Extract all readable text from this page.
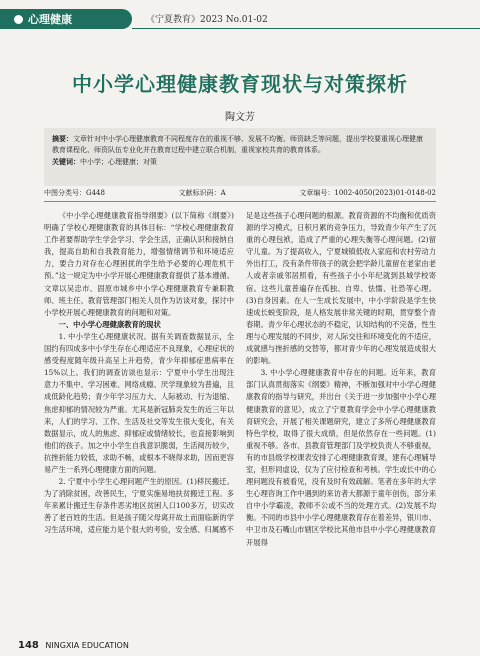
心理健康	《宁夏教育》2023 No.01-02
中小学心理健康教育现状与对策探析
陶文芳
摘要：文章针对中小学心理健康教育不同程度存在的重视不够、发展不均衡、师资缺乏等问题，提出学校要重视心理健康教育课程化、师资队伍专业化并在教育过程中建立联合机制，重视家校共育的教育体系。
关键词：中小学；心理健康；对策
中图分类号：G448	文献标识码：A	文章编号：1002-4050(2023)01-0148-02

《中小学心理健康教育指导纲要》(以下简称《纲要》)明确了学校心理健康教育的具体目标：“学校心理健康教育工作者要帮助学生学会学习、学会生活，正确认识和接纳自我，提高自助和自我教育能力，增强情绪调节和环境适应力，要合力对存在心理困扰的学生给予必要的心理危机干预。”这一规定为中小学开展心理健康教育提供了基本遵循。文章以吴忠市、固原市城乡中小学心理健康教育专兼职教师、班主任、教育管理部门相关人员作为访谈对象，探讨中小学校开展心理健康教育的问题和对策。

一、中小学心理健康教育的现状

1. 中小学生心理健康状况。据有关调查数据显示，全国约有四成多中小学生存在心理适应不良现象，心理症状的感受程度随年级升高呈上升趋势，青少年抑郁症患病率在15%以上。我们的调查访谈也显示：宁夏中小学生出现注意力不集中、学习困难、网络成瘾、厌学现象较为普遍，且成低龄化趋势；青少年学习压力大、人际被动、行为退缩、焦虑抑郁的情况较为严重。尤其是新冠肺炎发生的近三年以来，人们的学习、工作、生活及社交等发生很大变化，有关数据显示，成人的焦虑、抑郁症或情绪较长，也直接影响到他们的孩子。加之中小学生自我意识脆弱，生活阅历较少，抗挫折能力较低，求助不畅，或根本不晓得求助，因而更容易产生一系列心理健康方面的问题。

2. 宁夏中小学生心理问题产生的原因。(1)移民搬迁。为了消除贫困，改善民生，宁夏实施易地扶贫搬迁工程。多年来累计搬迁生存条件恶劣地区贫困人口100多万，切实改善了老百姓的生活。但是孩子随父母离开故土而面临新的学习生活环境，适应能力是个很大的考验，安全感、归属感不

足是这些孩子心理问题的根源。教育资源的不均衡和优质资源的学习模式，日积月累的竞争压力，导致青少年产生了沉重的心理包袱，造成了严重的心理失衡等心理问题。(2)留守儿童。为了提高收入，宁夏城镇低收入家庭和农村劳动力外出打工，没有条件带孩子的就会把学龄儿童留在老家由老人或者亲戚邻居照看，有些孩子小小年纪就到县城学校寄宿。这些儿童普遍存在孤独、自卑、怯懦、社恐等心理。(3)自身因素。在人一生成长发展中，中小学阶段是学生快速成长蜕变阶段，是人格发展非常关键的时期，贯穿整个青春期。青少年心理状态的不稳定，认知结构的不完备，性生理与心理发展的不同步，对人际交往和环境变化的不适应，成就感与挫折感的交替等，都对青少年的心理发展造成很大的影响。

3. 中小学心理健康教育中存在的问题。近年来，教育部门认真贯彻落实《纲要》精神，不断加强对中小学心理健康教育的指导与研究，并出台《关于进一步加强中小学心理健康教育的意见》，成立了宁夏教育学会中小学心理健康教育研究会，开展了相关课题研究，建立了多所心理健康教育特色学校，取得了很大成绩，但是依然存在一些问题。(1)重视不够。各市、县教育管理部门及学校负责人不够重视，有的市县级学校课表安排了心理健康教育课，建有心理辅导室，但形同虚设，仅为了应付检查和考核。学生或长中的心理问题没有被看见，没有及时有效疏解。笔者在多年的大学生心理咨询工作中遇到的来访者大都源于童年创伤，部分来自中小学霸凌，教师不公或不当的处理方式。(2)发展不均衡。不同的市县中小学心理健康教育存在着差异，银川市、中卫市及石嘴山市辖区学校比其他市县中小学心理健康教育开展得

148 NINGXIA EDUCATION
